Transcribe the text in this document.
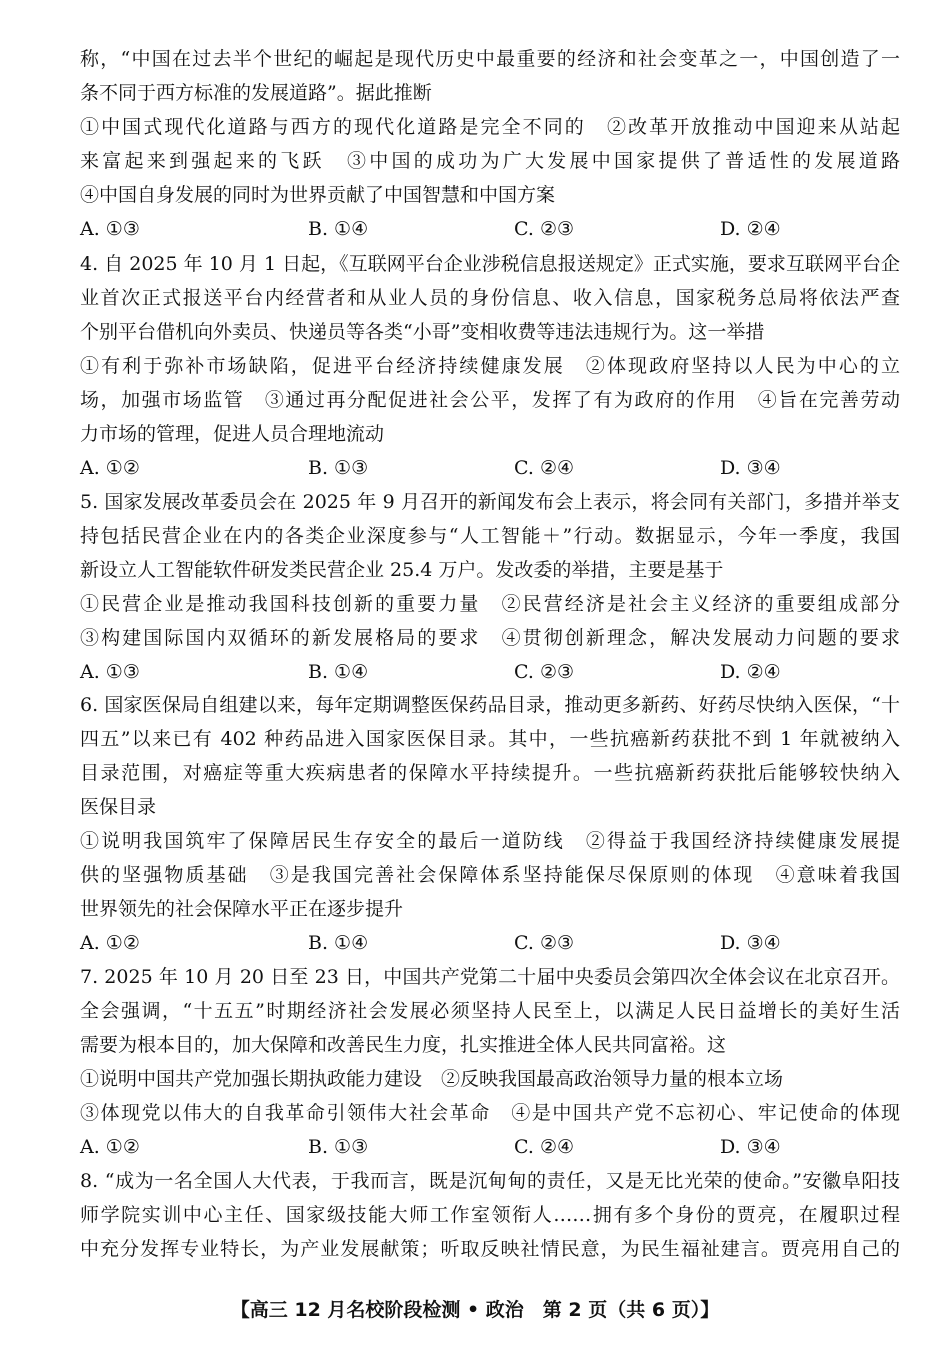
称，“中国在过去半个世纪的崛起是现代历史中最重要的经济和社会变革之一，中国创造了一
条不同于西方标准的发展道路”。据此推断
①中国式现代化道路与西方的现代化道路是完全不同的　②改革开放推动中国迎来从站起
来富起来到强起来的飞跃　③中国的成功为广大发展中国家提供了普适性的发展道路
④中国自身发展的同时为世界贡献了中国智慧和中国方案
A. ①③	B. ①④	C. ②③	D. ②④
4. 自 2025 年 10 月 1 日起，《互联网平台企业涉税信息报送规定》正式实施，要求互联网平台企
业首次正式报送平台内经营者和从业人员的身份信息、收入信息，国家税务总局将依法严查
个别平台借机向外卖员、快递员等各类“小哥”变相收费等违法违规行为。这一举措
①有利于弥补市场缺陷，促进平台经济持续健康发展　②体现政府坚持以人民为中心的立
场，加强市场监管　③通过再分配促进社会公平，发挥了有为政府的作用　④旨在完善劳动
力市场的管理，促进人员合理地流动
A. ①②	B. ①③	C. ②④	D. ③④
5. 国家发展改革委员会在 2025 年 9 月召开的新闻发布会上表示，将会同有关部门，多措并举支
持包括民营企业在内的各类企业深度参与“人工智能＋”行动。数据显示，今年一季度，我国
新设立人工智能软件研发类民营企业 25.4 万户。发改委的举措，主要是基于
①民营企业是推动我国科技创新的重要力量　②民营经济是社会主义经济的重要组成部分
③构建国际国内双循环的新发展格局的要求　④贯彻创新理念，解决发展动力问题的要求
A. ①③	B. ①④	C. ②③	D. ②④
6. 国家医保局自组建以来，每年定期调整医保药品目录，推动更多新药、好药尽快纳入医保，“十
四五”以来已有 402 种药品进入国家医保目录。其中，一些抗癌新药获批不到 1 年就被纳入
目录范围，对癌症等重大疾病患者的保障水平持续提升。一些抗癌新药获批后能够较快纳入
医保目录
①说明我国筑牢了保障居民生存安全的最后一道防线　②得益于我国经济持续健康发展提
供的坚强物质基础　③是我国完善社会保障体系坚持能保尽保原则的体现　④意味着我国
世界领先的社会保障水平正在逐步提升
A. ①②	B. ①④	C. ②③	D. ③④
7. 2025 年 10 月 20 日至 23 日，中国共产党第二十届中央委员会第四次全体会议在北京召开。
全会强调，“十五五”时期经济社会发展必须坚持人民至上，以满足人民日益增长的美好生活
需要为根本目的，加大保障和改善民生力度，扎实推进全体人民共同富裕。这
①说明中国共产党加强长期执政能力建设　②反映我国最高政治领导力量的根本立场
③体现党以伟大的自我革命引领伟大社会革命　④是中国共产党不忘初心、牢记使命的体现
A. ①②	B. ①③	C. ②④	D. ③④
8. “成为一名全国人大代表，于我而言，既是沉甸甸的责任，又是无比光荣的使命。”安徽阜阳技
师学院实训中心主任、国家级技能大师工作室领衔人……拥有多个身份的贾亮，在履职过程
中充分发挥专业特长，为产业发展献策；听取反映社情民意，为民生福祉建言。贾亮用自己的
【高三 12 月名校阶段检测 • 政治　第 2 页（共 6 页）】
